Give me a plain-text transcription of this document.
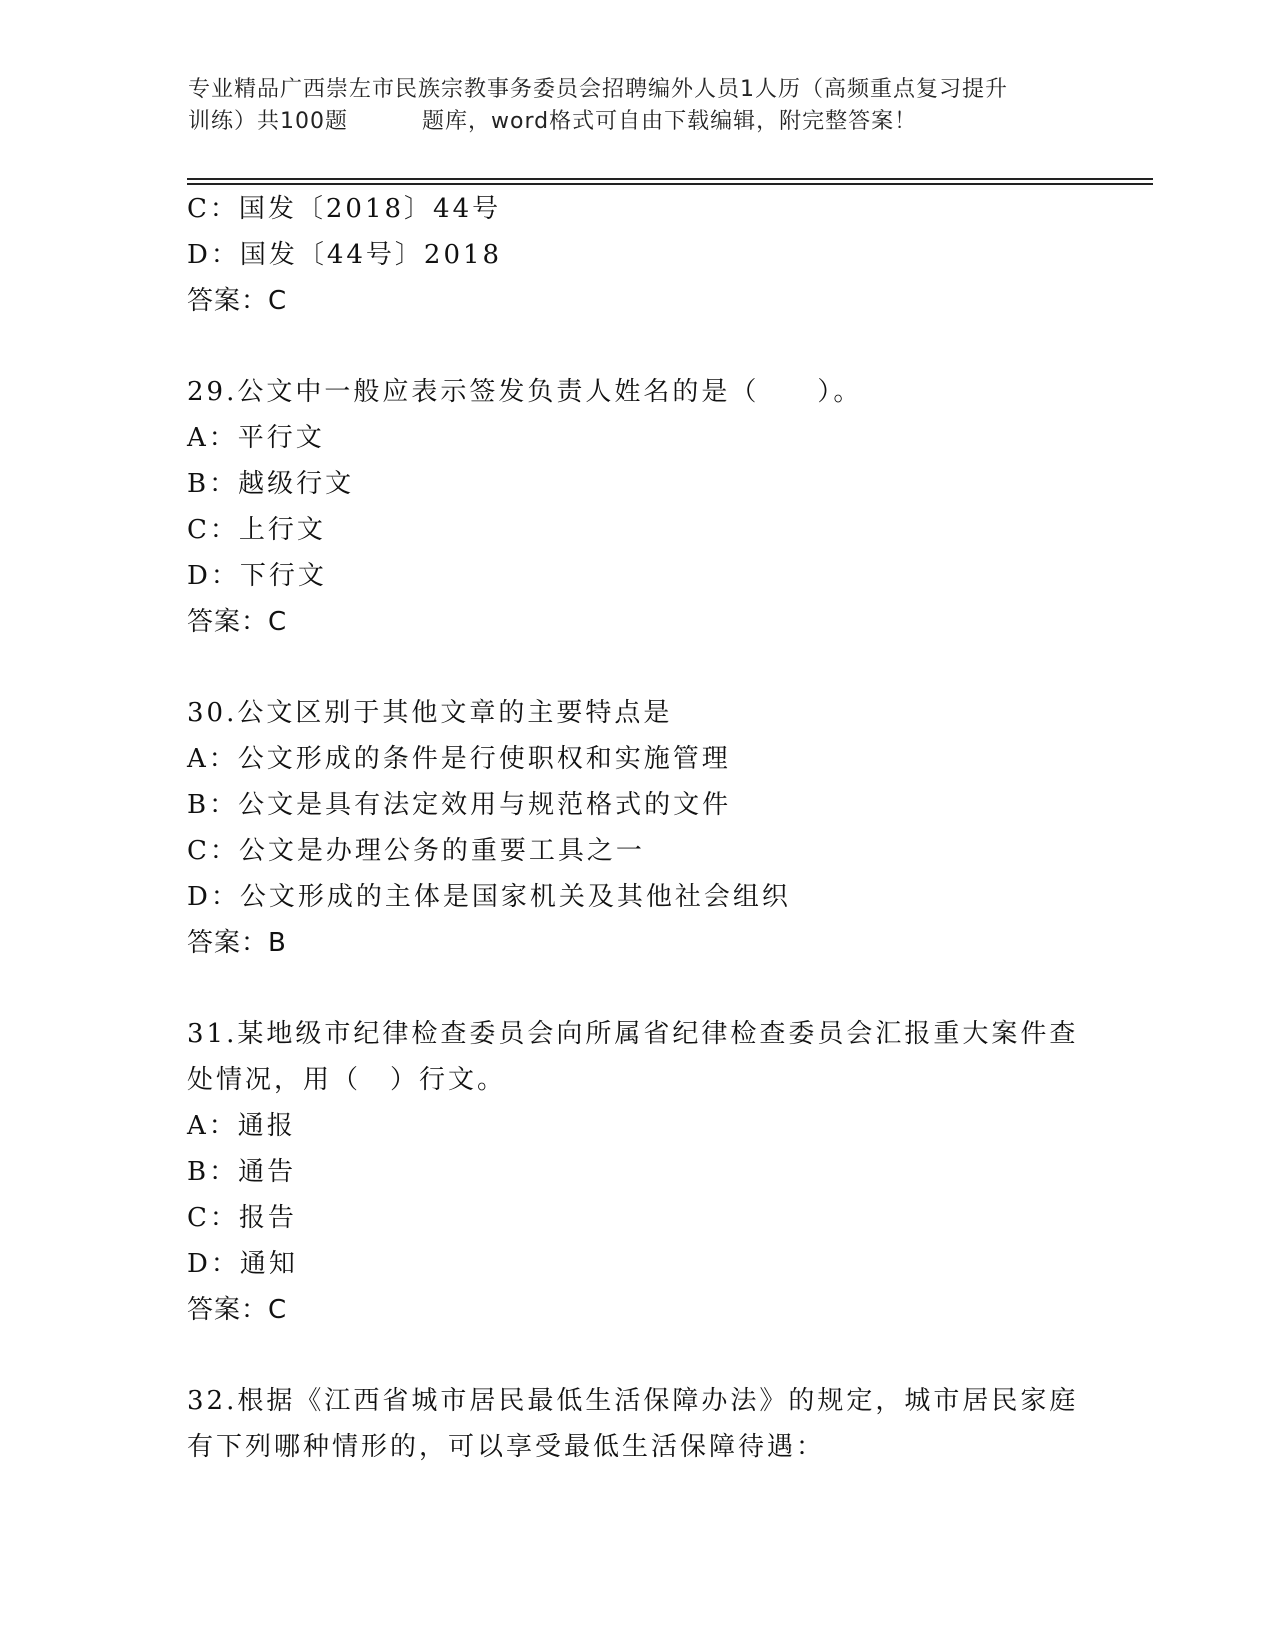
专业精品广西崇左市民族宗教事务委员会招聘编外人员1人历（高频重点复习提升
训练）共100题	题库，word格式可自由下载编辑，附完整答案！
C：国发〔2018〕44号
D：国发〔44号〕2018
答案：C
29.公文中一般应表示签发负责人姓名的是（　　）。
A：平行文
B：越级行文
C：上行文
D：下行文
答案：C
30.公文区别于其他文章的主要特点是
A：公文形成的条件是行使职权和实施管理
B：公文是具有法定效用与规范格式的文件
C：公文是办理公务的重要工具之一
D：公文形成的主体是国家机关及其他社会组织
答案：B
31.某地级市纪律检查委员会向所属省纪律检查委员会汇报重大案件查
处情况，用（　）行文。
A：通报
B：通告
C：报告
D：通知
答案：C
32.根据《江西省城市居民最低生活保障办法》的规定，城市居民家庭
有下列哪种情形的，可以享受最低生活保障待遇：
